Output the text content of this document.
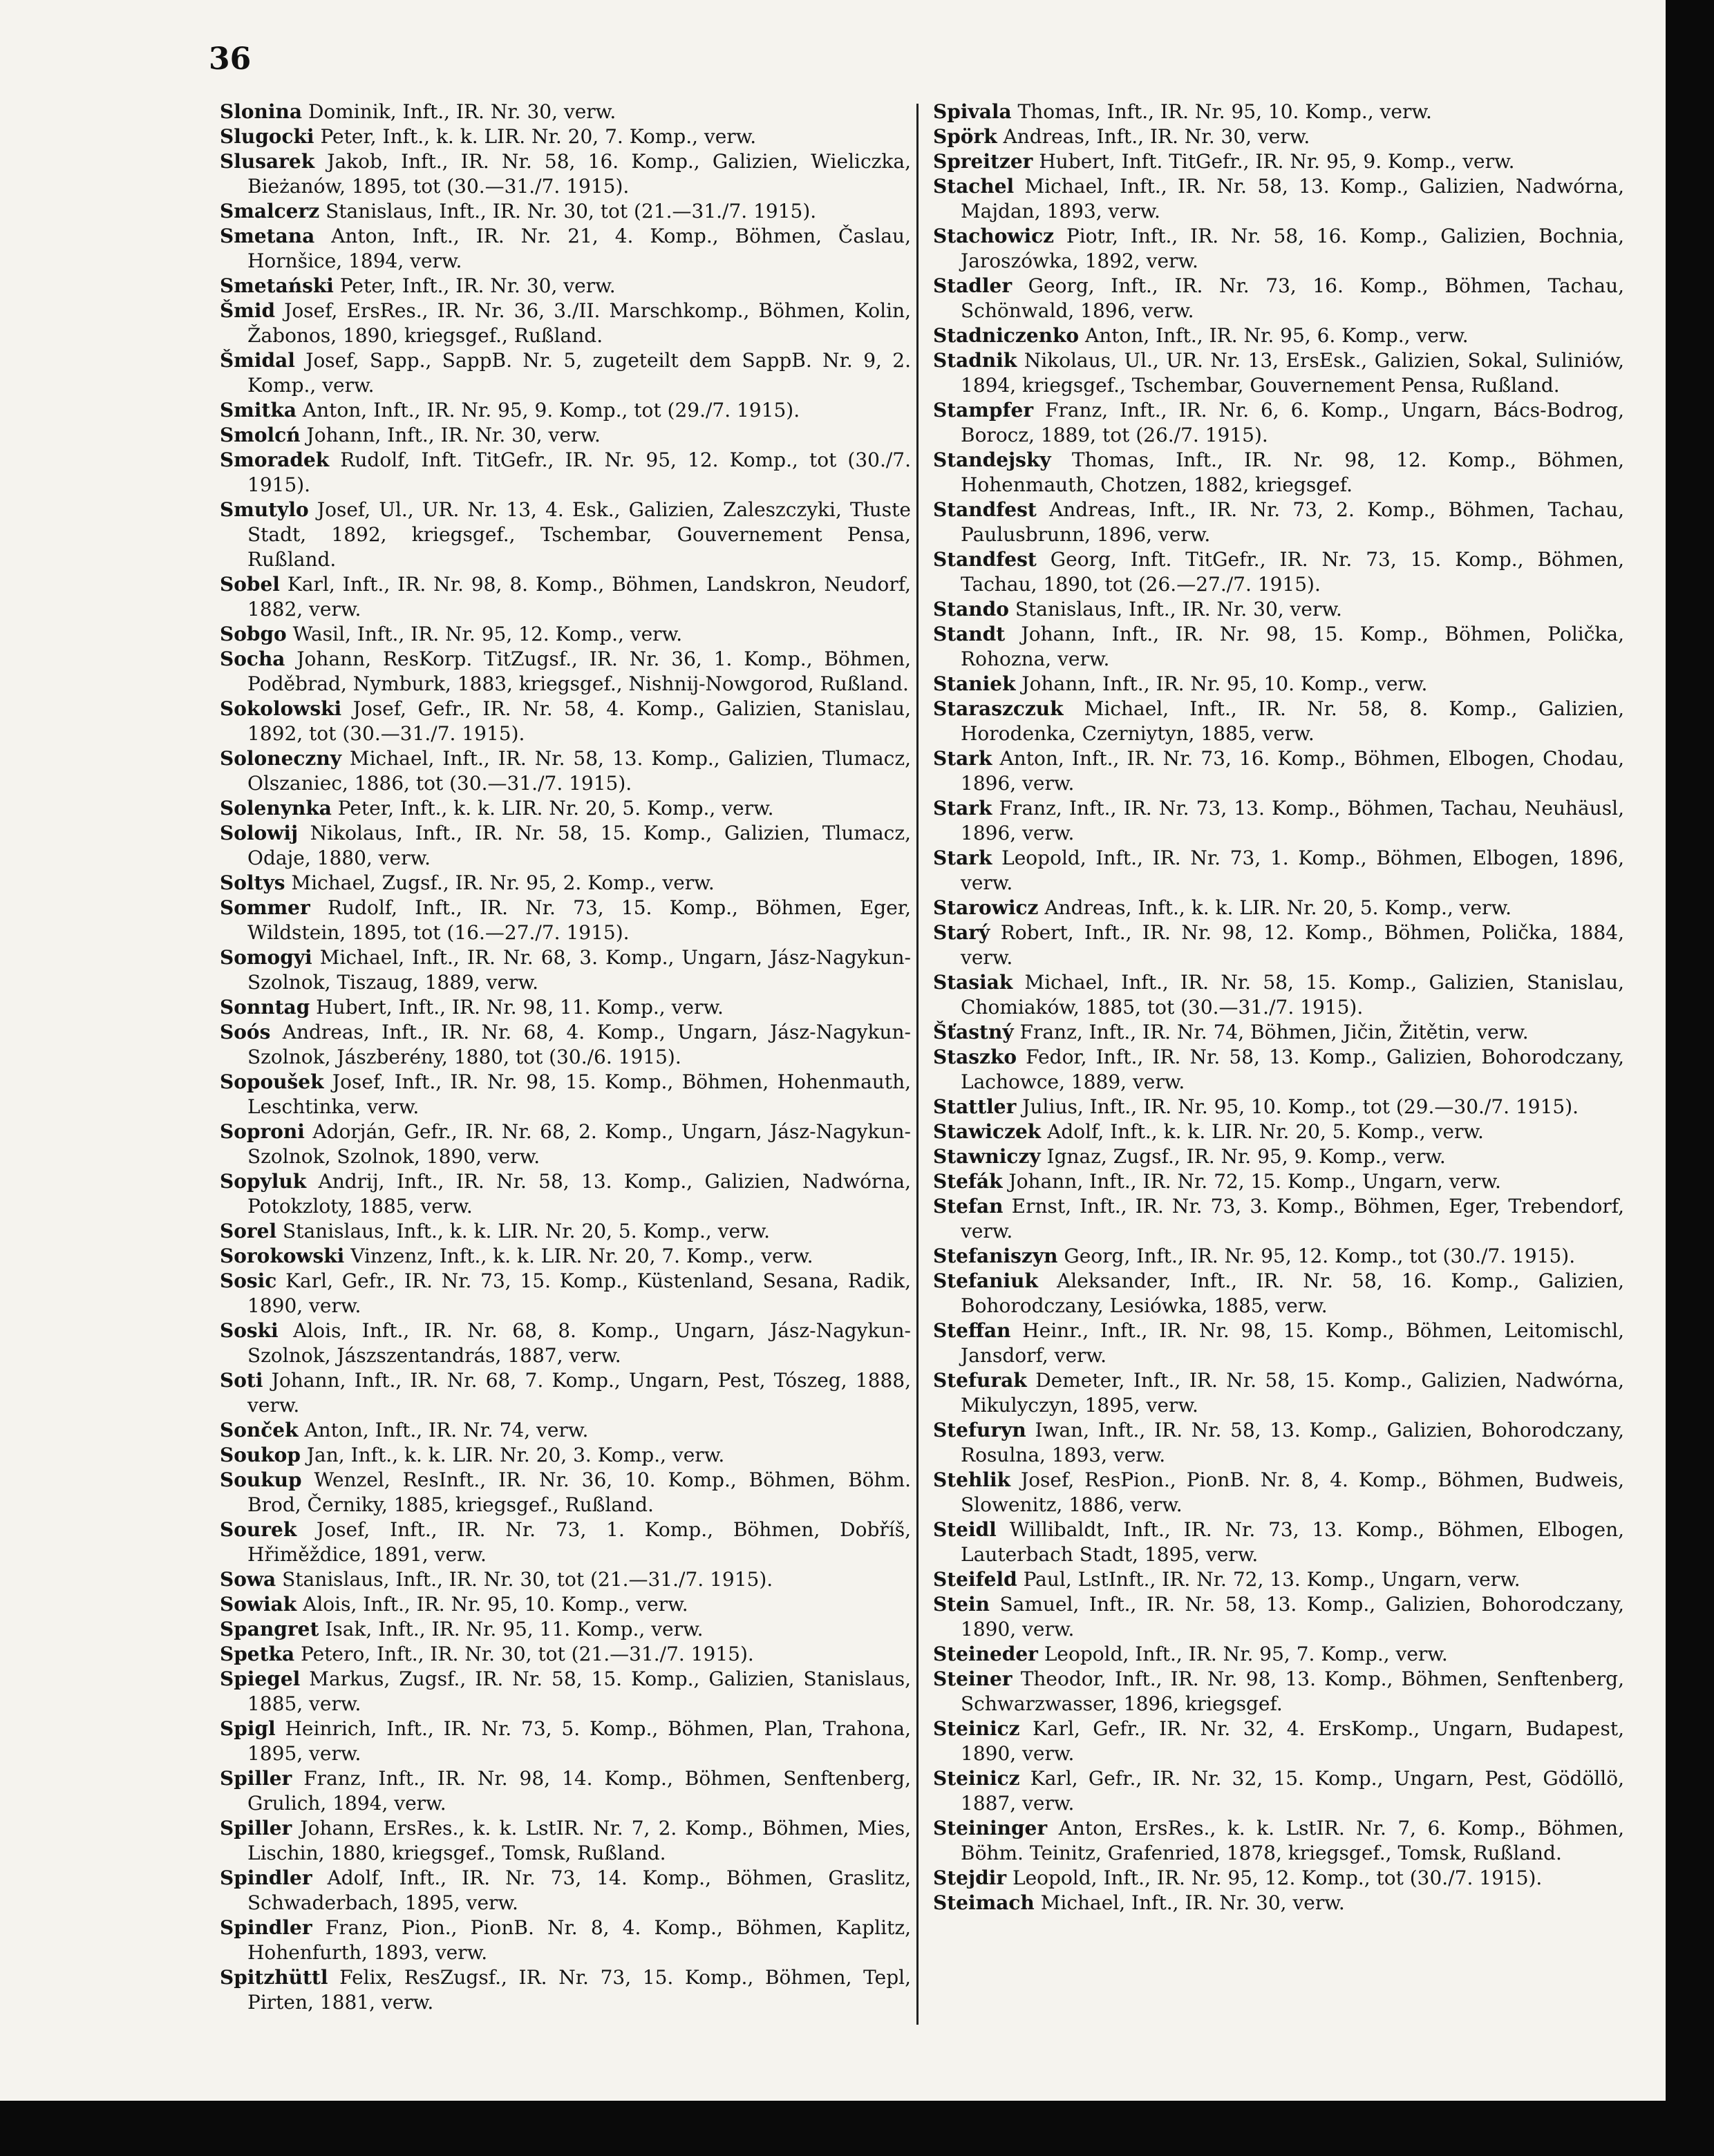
36

Slonina Dominik, Inft., IR. Nr. 30, verw.

Slugocki Peter, Inft., k. k. LIR. Nr. 20, 7. Komp., verw.

Slusarek Jakob, Inft., IR. Nr. 58, 16. Komp., Galizien, Wieliczka, Bieżanów, 1895, tot (30.—31./7. 1915).

Smalcerz Stanislaus, Inft., IR. Nr. 30, tot (21.—31./7. 1915).

Smetana Anton, Inft., IR. Nr. 21, 4. Komp., Böhmen, Časlau, Hornšice, 1894, verw.

Smetański Peter, Inft., IR. Nr. 30, verw.

Šmid Josef, ErsRes., IR. Nr. 36, 3./II. Marschkomp., Böhmen, Kolin, Žabonos, 1890, kriegsgef., Rußland.

Šmidal Josef, Sapp., SappB. Nr. 5, zugeteilt dem SappB. Nr. 9, 2. Komp., verw.

Smitka Anton, Inft., IR. Nr. 95, 9. Komp., tot (29./7. 1915).

Smolcń Johann, Inft., IR. Nr. 30, verw.

Smoradek Rudolf, Inft. TitGefr., IR. Nr. 95, 12. Komp., tot (30./7. 1915).

Smutylo Josef, Ul., UR. Nr. 13, 4. Esk., Galizien, Zaleszczyki, Tłuste Stadt, 1892, kriegsgef., Tschembar, Gouvernement Pensa, Rußland.

Sobel Karl, Inft., IR. Nr. 98, 8. Komp., Böhmen, Landskron, Neudorf, 1882, verw.

Sobgo Wasil, Inft., IR. Nr. 95, 12. Komp., verw.

Socha Johann, ResKorp. TitZugsf., IR. Nr. 36, 1. Komp., Böhmen, Poděbrad, Nymburk, 1883, kriegsgef., Nishnij-Nowgorod, Rußland.

Sokolowski Josef, Gefr., IR. Nr. 58, 4. Komp., Galizien, Stanislau, 1892, tot (30.—31./7. 1915).

Soloneczny Michael, Inft., IR. Nr. 58, 13. Komp., Galizien, Tlumacz, Olszaniec, 1886, tot (30.—31./7. 1915).

Solenynka Peter, Inft., k. k. LIR. Nr. 20, 5. Komp., verw.

Solowij Nikolaus, Inft., IR. Nr. 58, 15. Komp., Galizien, Tlumacz, Odaje, 1880, verw.

Soltys Michael, Zugsf., IR. Nr. 95, 2. Komp., verw.

Sommer Rudolf, Inft., IR. Nr. 73, 15. Komp., Böhmen, Eger, Wildstein, 1895, tot (16.—27./7. 1915).

Somogyi Michael, Inft., IR. Nr. 68, 3. Komp., Ungarn, Jász-Nagykun-Szolnok, Tiszaug, 1889, verw.

Sonntag Hubert, Inft., IR. Nr. 98, 11. Komp., verw.

Soós Andreas, Inft., IR. Nr. 68, 4. Komp., Ungarn, Jász-Nagykun-Szolnok, Jászberény, 1880, tot (30./6. 1915).

Sopoušek Josef, Inft., IR. Nr. 98, 15. Komp., Böhmen, Hohenmauth, Leschtinka, verw.

Soproni Adorján, Gefr., IR. Nr. 68, 2. Komp., Ungarn, Jász-Nagykun-Szolnok, Szolnok, 1890, verw.

Sopyluk Andrij, Inft., IR. Nr. 58, 13. Komp., Galizien, Nadwórna, Potokzloty, 1885, verw.

Sorel Stanislaus, Inft., k. k. LIR. Nr. 20, 5. Komp., verw.

Sorokowski Vinzenz, Inft., k. k. LIR. Nr. 20, 7. Komp., verw.

Sosic Karl, Gefr., IR. Nr. 73, 15. Komp., Küstenland, Sesana, Radik, 1890, verw.

Soski Alois, Inft., IR. Nr. 68, 8. Komp., Ungarn, Jász-Nagykun-Szolnok, Jászszentandrás, 1887, verw.

Soti Johann, Inft., IR. Nr. 68, 7. Komp., Ungarn, Pest, Tószeg, 1888, verw.

Sonček Anton, Inft., IR. Nr. 74, verw.

Soukop Jan, Inft., k. k. LIR. Nr. 20, 3. Komp., verw.

Soukup Wenzel, ResInft., IR. Nr. 36, 10. Komp., Böhmen, Böhm. Brod, Černiky, 1885, kriegsgef., Rußland.

Sourek Josef, Inft., IR. Nr. 73, 1. Komp., Böhmen, Dobříš, Hřiměždice, 1891, verw.

Sowa Stanislaus, Inft., IR. Nr. 30, tot (21.—31./7. 1915).

Sowiak Alois, Inft., IR. Nr. 95, 10. Komp., verw.

Spangret Isak, Inft., IR. Nr. 95, 11. Komp., verw.

Spetka Petero, Inft., IR. Nr. 30, tot (21.—31./7. 1915).

Spiegel Markus, Zugsf., IR. Nr. 58, 15. Komp., Galizien, Stanislaus, 1885, verw.

Spigl Heinrich, Inft., IR. Nr. 73, 5. Komp., Böhmen, Plan, Trahona, 1895, verw.

Spiller Franz, Inft., IR. Nr. 98, 14. Komp., Böhmen, Senftenberg, Grulich, 1894, verw.

Spiller Johann, ErsRes., k. k. LstIR. Nr. 7, 2. Komp., Böhmen, Mies, Lischin, 1880, kriegsgef., Tomsk, Rußland.

Spindler Adolf, Inft., IR. Nr. 73, 14. Komp., Böhmen, Graslitz, Schwaderbach, 1895, verw.

Spindler Franz, Pion., PionB. Nr. 8, 4. Komp., Böhmen, Kaplitz, Hohenfurth, 1893, verw.

Spitzhüttl Felix, ResZugsf., IR. Nr. 73, 15. Komp., Böhmen, Tepl, Pirten, 1881, verw.

Spivala Thomas, Inft., IR. Nr. 95, 10. Komp., verw.

Spörk Andreas, Inft., IR. Nr. 30, verw.

Spreitzer Hubert, Inft. TitGefr., IR. Nr. 95, 9. Komp., verw.

Stachel Michael, Inft., IR. Nr. 58, 13. Komp., Galizien, Nadwórna, Majdan, 1893, verw.

Stachowicz Piotr, Inft., IR. Nr. 58, 16. Komp., Galizien, Bochnia, Jaroszówka, 1892, verw.

Stadler Georg, Inft., IR. Nr. 73, 16. Komp., Böhmen, Tachau, Schönwald, 1896, verw.

Stadniczenko Anton, Inft., IR. Nr. 95, 6. Komp., verw.

Stadnik Nikolaus, Ul., UR. Nr. 13, ErsEsk., Galizien, Sokal, Suliniów, 1894, kriegsgef., Tschembar, Gouvernement Pensa, Rußland.

Stampfer Franz, Inft., IR. Nr. 6, 6. Komp., Ungarn, Bács-Bodrog, Borocz, 1889, tot (26./7. 1915).

Standejsky Thomas, Inft., IR. Nr. 98, 12. Komp., Böhmen, Hohenmauth, Chotzen, 1882, kriegsgef.

Standfest Andreas, Inft., IR. Nr. 73, 2. Komp., Böhmen, Tachau, Paulusbrunn, 1896, verw.

Standfest Georg, Inft. TitGefr., IR. Nr. 73, 15. Komp., Böhmen, Tachau, 1890, tot (26.—27./7. 1915).

Stando Stanislaus, Inft., IR. Nr. 30, verw.

Standt Johann, Inft., IR. Nr. 98, 15. Komp., Böhmen, Polička, Rohozna, verw.

Staniek Johann, Inft., IR. Nr. 95, 10. Komp., verw.

Staraszczuk Michael, Inft., IR. Nr. 58, 8. Komp., Galizien, Horodenka, Czerniytyn, 1885, verw.

Stark Anton, Inft., IR. Nr. 73, 16. Komp., Böhmen, Elbogen, Chodau, 1896, verw.

Stark Franz, Inft., IR. Nr. 73, 13. Komp., Böhmen, Tachau, Neuhäusl, 1896, verw.

Stark Leopold, Inft., IR. Nr. 73, 1. Komp., Böhmen, Elbogen, 1896, verw.

Starowicz Andreas, Inft., k. k. LIR. Nr. 20, 5. Komp., verw.

Starý Robert, Inft., IR. Nr. 98, 12. Komp., Böhmen, Polička, 1884, verw.

Stasiak Michael, Inft., IR. Nr. 58, 15. Komp., Galizien, Stanislau, Chomiaków, 1885, tot (30.—31./7. 1915).

Šťastný Franz, Inft., IR. Nr. 74, Böhmen, Jičin, Žitětin, verw.

Staszko Fedor, Inft., IR. Nr. 58, 13. Komp., Galizien, Bohorodczany, Lachowce, 1889, verw.

Stattler Julius, Inft., IR. Nr. 95, 10. Komp., tot (29.—30./7. 1915).

Stawiczek Adolf, Inft., k. k. LIR. Nr. 20, 5. Komp., verw.

Stawniczy Ignaz, Zugsf., IR. Nr. 95, 9. Komp., verw.

Stefák Johann, Inft., IR. Nr. 72, 15. Komp., Ungarn, verw.

Stefan Ernst, Inft., IR. Nr. 73, 3. Komp., Böhmen, Eger, Trebendorf, verw.

Stefaniszyn Georg, Inft., IR. Nr. 95, 12. Komp., tot (30./7. 1915).

Stefaniuk Aleksander, Inft., IR. Nr. 58, 16. Komp., Galizien, Bohorodczany, Lesiówka, 1885, verw.

Steffan Heinr., Inft., IR. Nr. 98, 15. Komp., Böhmen, Leitomischl, Jansdorf, verw.

Stefurak Demeter, Inft., IR. Nr. 58, 15. Komp., Galizien, Nadwórna, Mikulyczyn, 1895, verw.

Stefuryn Iwan, Inft., IR. Nr. 58, 13. Komp., Galizien, Bohorodczany, Rosulna, 1893, verw.

Stehlik Josef, ResPion., PionB. Nr. 8, 4. Komp., Böhmen, Budweis, Slowenitz, 1886, verw.

Steidl Willibaldt, Inft., IR. Nr. 73, 13. Komp., Böhmen, Elbogen, Lauterbach Stadt, 1895, verw.

Steifeld Paul, LstInft., IR. Nr. 72, 13. Komp., Ungarn, verw.

Stein Samuel, Inft., IR. Nr. 58, 13. Komp., Galizien, Bohorodczany, 1890, verw.

Steineder Leopold, Inft., IR. Nr. 95, 7. Komp., verw.

Steiner Theodor, Inft., IR. Nr. 98, 13. Komp., Böhmen, Senftenberg, Schwarzwasser, 1896, kriegsgef.

Steinicz Karl, Gefr., IR. Nr. 32, 4. ErsKomp., Ungarn, Budapest, 1890, verw.

Steinicz Karl, Gefr., IR. Nr. 32, 15. Komp., Ungarn, Pest, Gödöllö, 1887, verw.

Steininger Anton, ErsRes., k. k. LstIR. Nr. 7, 6. Komp., Böhmen, Böhm. Teinitz, Grafenried, 1878, kriegsgef., Tomsk, Rußland.

Stejdir Leopold, Inft., IR. Nr. 95, 12. Komp., tot (30./7. 1915).

Steimach Michael, Inft., IR. Nr. 30, verw.
